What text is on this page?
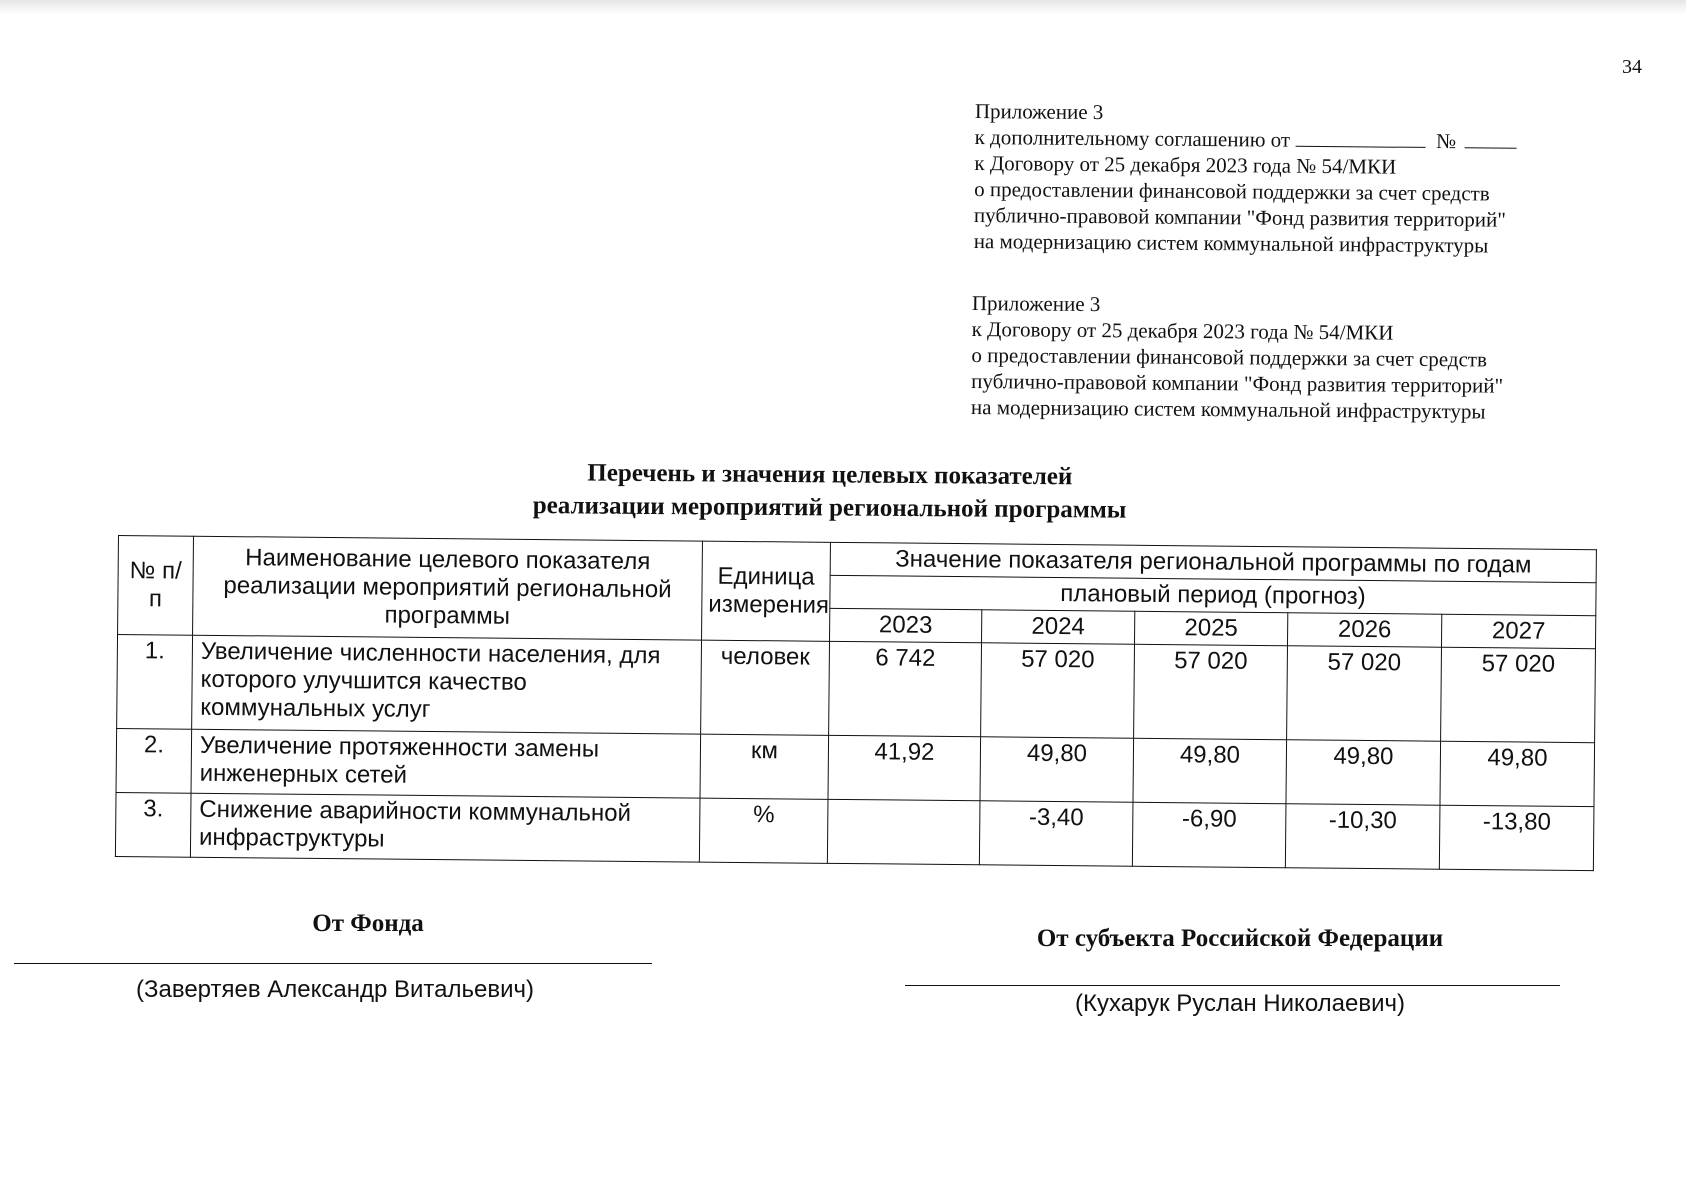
34
Приложение 3
к дополнительному соглашению от	№
к Договору от 25 декабря 2023 года № 54/МКИ
о предоставлении финансовой поддержки за счет средств
публично-правовой компании "Фонд развития территорий"
на модернизацию систем коммунальной инфраструктуры
Приложение 3
к Договору от 25 декабря 2023 года № 54/МКИ
о предоставлении финансовой поддержки за счет средств
публично-правовой компании "Фонд развития территорий"
на модернизацию систем коммунальной инфраструктуры
Перечень и значения целевых показателей
реализации мероприятий региональной программы
№ п/п	Наименование целевого показателя реализации мероприятий региональной программы	Единица измерения	Значение показателя региональной программы по годам				
			плановый период (прогноз)				
			2023	2024	2025	2026	2027
1.	Увеличение численности населения, для которого улучшится качество коммунальных услуг	человек	6 742	57 020	57 020	57 020	57 020
2.	Увеличение протяженности замены инженерных сетей	км	41,92	49,80	49,80	49,80	49,80
3.	Снижение аварийности коммунальной инфраструктуры	%		-3,40	-6,90	-10,30	-13,80
От Фонда
(Завертяев Александр Витальевич)
От субъекта Российской Федерации
(Кухарук Руслан Николаевич)
